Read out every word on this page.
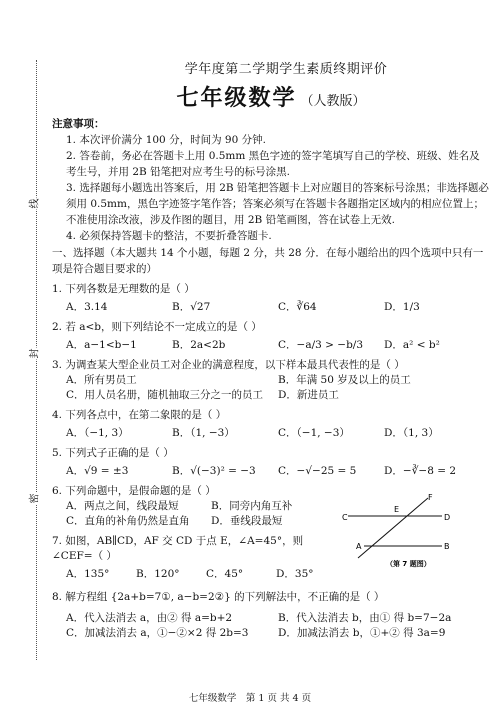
线
封
密
学年度第二学期学生素质终期评价
七年级数学 （人教版）
注意事项：
1. 本次评价满分 100 分，时间为 90 分钟.
2. 答卷前，务必在答题卡上用 0.5mm 黑色字迹的签字笔填写自己的学校、班级、姓名及考生号，并用 2B 铅笔把对应考生号的标号涂黑.
3. 选择题每小题选出答案后，用 2B 铅笔把答题卡上对应题目的答案标号涂黑；非选择题必须用 0.5mm，黑色字迹签字笔作答；答案必须写在答题卡各题指定区域内的相应位置上；不准使用涂改液，涉及作图的题目，用 2B 铅笔画图，答在试卷上无效.
4. 必须保持答题卡的整洁，不要折叠答题卡.
一、选择题（本大题共 14 个小题，每题 2 分，共 28 分．在每小题给出的四个选项中只有一项是符合题目要求的）
1. 下列各数是无理数的是（ ）
A．3.14	B．√27	C．∛64	D．1/3
2. 若 a<b，则下列结论不一定成立的是（ ）
A．a−1<b−1	B．2a<2b	C．−a/3 > −b/3	D．a² < b²
3. 为调查某大型企业员工对企业的满意程度，以下样本最具代表性的是（ ）
A．所有男员工	B．年满 50 岁及以上的员工
C．用人员名册，随机抽取三分之一的员工	D．新进员工
4. 下列各点中，在第二象限的是（ ）
A．（−1, 3）	B．（1, −3）	C．（−1, −3）	D．（1, 3）
5. 下列式子正确的是（ ）
A．√9 = ±3	B．√(−3)² = −3	C．−√−25 = 5	D．−∛−8 = 2
6. 下列命题中，是假命题的是（ ）
A．两点之间，线段最短	B．同旁内角互补
C．直角的补角仍然是直角	D．垂线段最短
7. 如图，AB∥CD，AF 交 CD 于点 E，∠A=45°，则
∠CEF=（ ）
A．135°	B．120°	C．45°	D．35°
8. 解方程组 {2a+b=7①, a−b=2②} 的下列解法中，不正确的是（ ）
A．代入法消去 a，由② 得 a=b+2	B．代入法消去 b，由① 得 b=7−2a
C．加减法消去 a，①−②×2 得 2b=3	D．加减法消去 b，①+② 得 3a=9
C	D
E
F
A	B
（第 7 题图）
七年级数学　第 1 页 共 4 页
